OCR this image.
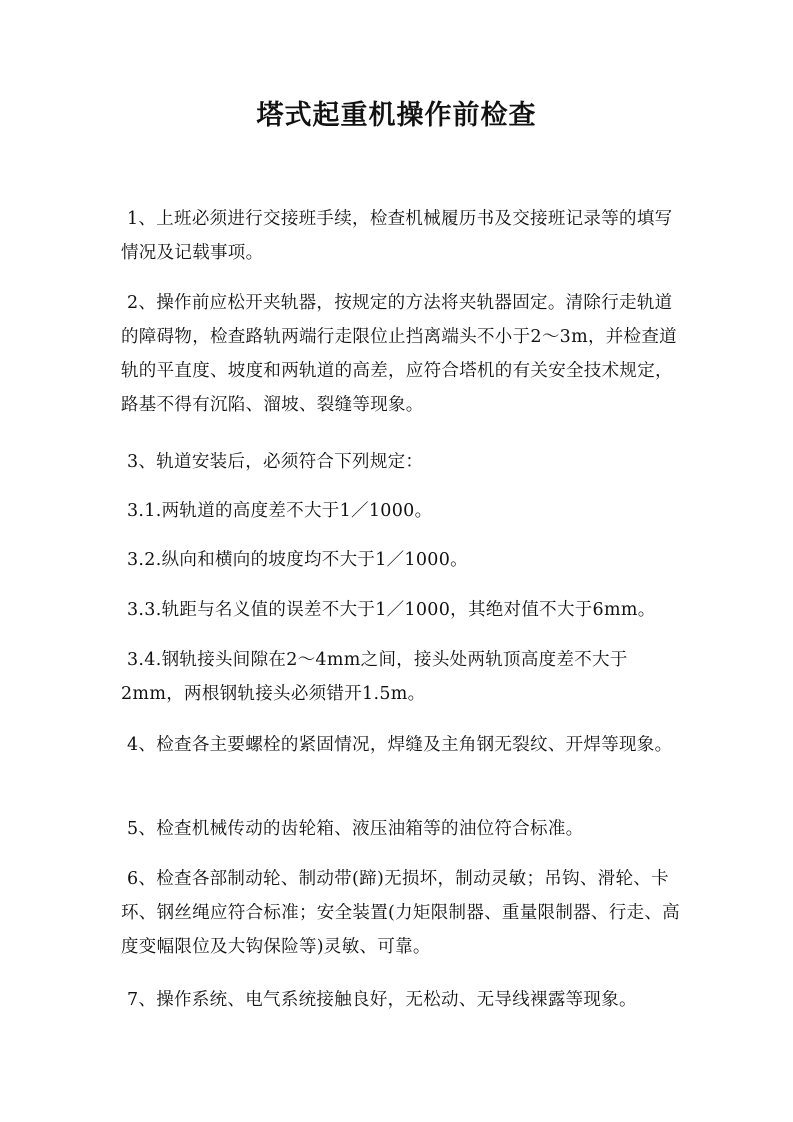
塔式起重机操作前检查
1、上班必须进行交接班手续，检查机械履历书及交接班记录等的填写情况及记载事项。
2、操作前应松开夹轨器，按规定的方法将夹轨器固定。清除行走轨道的障碍物，检查路轨两端行走限位止挡离端头不小于2～3m，并检查道轨的平直度、坡度和两轨道的高差，应符合塔机的有关安全技术规定，路基不得有沉陷、溜坡、裂缝等现象。
3、轨道安装后，必须符合下列规定：
3.1.两轨道的高度差不大于1／1000。
3.2.纵向和横向的坡度均不大于1／1000。
3.3.轨距与名义值的误差不大于1／1000，其绝对值不大于6mm。
3.4.钢轨接头间隙在2～4mm之间，接头处两轨顶高度差不大于2mm，两根钢轨接头必须错开1.5m。
4、检查各主要螺栓的紧固情况，焊缝及主角钢无裂纹、开焊等现象。
5、检查机械传动的齿轮箱、液压油箱等的油位符合标准。
6、检查各部制动轮、制动带(蹄)无损坏，制动灵敏；吊钩、滑轮、卡环、钢丝绳应符合标准；安全装置(力矩限制器、重量限制器、行走、高度变幅限位及大钩保险等)灵敏、可靠。
7、操作系统、电气系统接触良好，无松动、无导线裸露等现象。
